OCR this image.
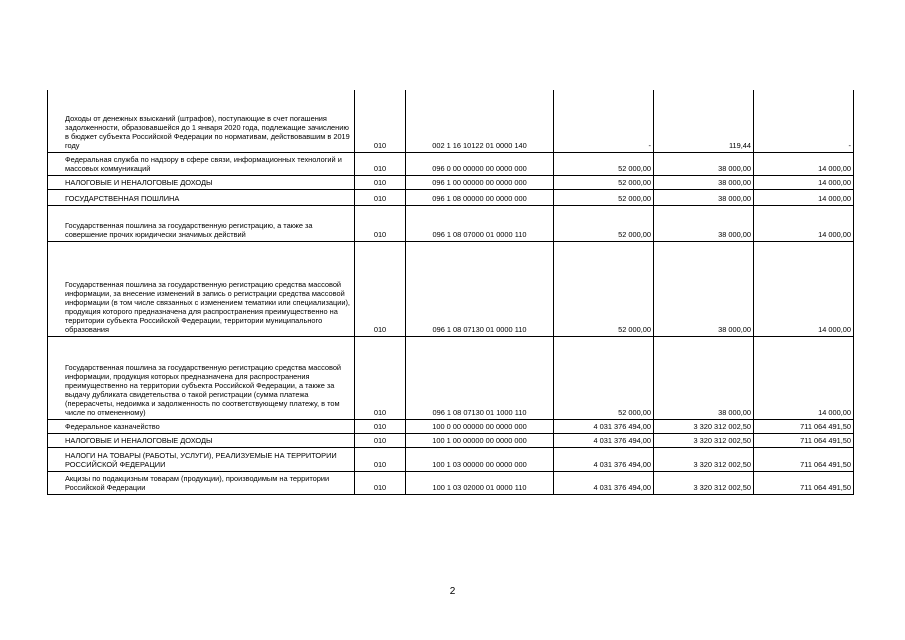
Доходы от денежных взысканий (штрафов), поступающие в счет погашения задолженности, образовавшейся до 1 января 2020 года, подлежащие зачислению в бюджет субъекта Российской Федерации по нормативам, действовавшим в 2019 году	010	002 1 16 10122 01 0000 140	-	119,44	-
Федеральная служба по надзору в сфере связи, информационных технологий и массовых коммуникаций	010	096 0 00 00000 00 0000 000	52 000,00	38 000,00	14 000,00
НАЛОГОВЫЕ И НЕНАЛОГОВЫЕ ДОХОДЫ	010	096 1 00 00000 00 0000 000	52 000,00	38 000,00	14 000,00
ГОСУДАРСТВЕННАЯ ПОШЛИНА	010	096 1 08 00000 00 0000 000	52 000,00	38 000,00	14 000,00
Государственная пошлина за государственную регистрацию, а также за совершение прочих юридически значимых действий	010	096 1 08 07000 01 0000 110	52 000,00	38 000,00	14 000,00
Государственная пошлина за государственную регистрацию средства массовой информации, за внесение изменений в запись о регистрации средства массовой информации (в том числе связанных с изменением тематики или специализации), продукция которого предназначена для распространения преимущественно на территории субъекта Российской Федерации, территории муниципального образования	010	096 1 08 07130 01 0000 110	52 000,00	38 000,00	14 000,00
Государственная пошлина за государственную регистрацию средства массовой информации, продукция которых предназначена для распространения преимущественно на территории субъекта Российской Федерации, а также за выдачу дубликата свидетельства о такой регистрации (сумма платежа (перерасчеты, недоимка и задолженность по соответствующему платежу, в том числе по отмененному)	010	096 1 08 07130 01 1000 110	52 000,00	38 000,00	14 000,00
Федеральное казначейство	010	100 0 00 00000 00 0000 000	4 031 376 494,00	3 320 312 002,50	711 064 491,50
НАЛОГОВЫЕ И НЕНАЛОГОВЫЕ ДОХОДЫ	010	100 1 00 00000 00 0000 000	4 031 376 494,00	3 320 312 002,50	711 064 491,50
НАЛОГИ НА ТОВАРЫ (РАБОТЫ, УСЛУГИ), РЕАЛИЗУЕМЫЕ НА ТЕРРИТОРИИ РОССИЙСКОЙ ФЕДЕРАЦИИ	010	100 1 03 00000 00 0000 000	4 031 376 494,00	3 320 312 002,50	711 064 491,50
Акцизы по подакцизным товарам (продукции), производимым на территории Российской Федерации	010	100 1 03 02000 01 0000 110	4 031 376 494,00	3 320 312 002,50	711 064 491,50
2
